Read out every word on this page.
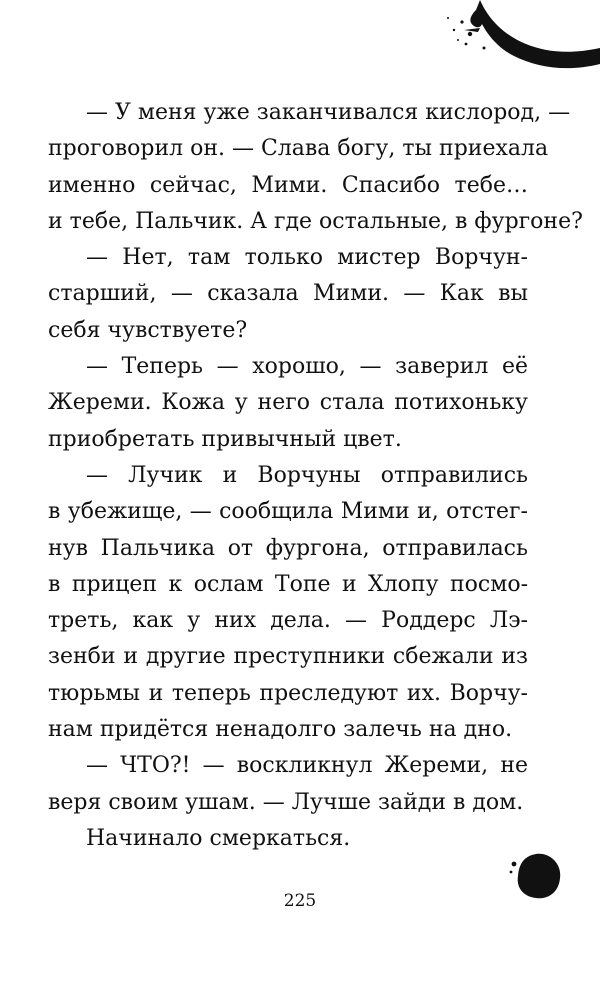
— У меня уже заканчивался кислород, —
проговорил он. — Слава богу, ты приехала
именно сейчас, Мими. Спасибо тебе…
и тебе, Пальчик. А где остальные, в фургоне?
— Нет, там только мистер Ворчун-
старший, — сказала Мими. — Как вы
себя чувствуете?
— Теперь — хорошо, — заверил её
Жереми. Кожа у него стала потихоньку
приобретать привычный цвет.
— Лучик и Ворчуны отправились
в убежище, — сообщила Мими и, отстег-
нув Пальчика от фургона, отправилась
в прицеп к ослам Топе и Хлопу посмо-
треть, как у них дела. — Роддерс Лэ-
зенби и другие преступники сбежали из
тюрьмы и теперь преследуют их. Ворчу-
нам придётся ненадолго залечь на дно.
— ЧТО?! — воскликнул Жереми, не
веря своим ушам. — Лучше зайди в дом.
Начинало смеркаться.
225
